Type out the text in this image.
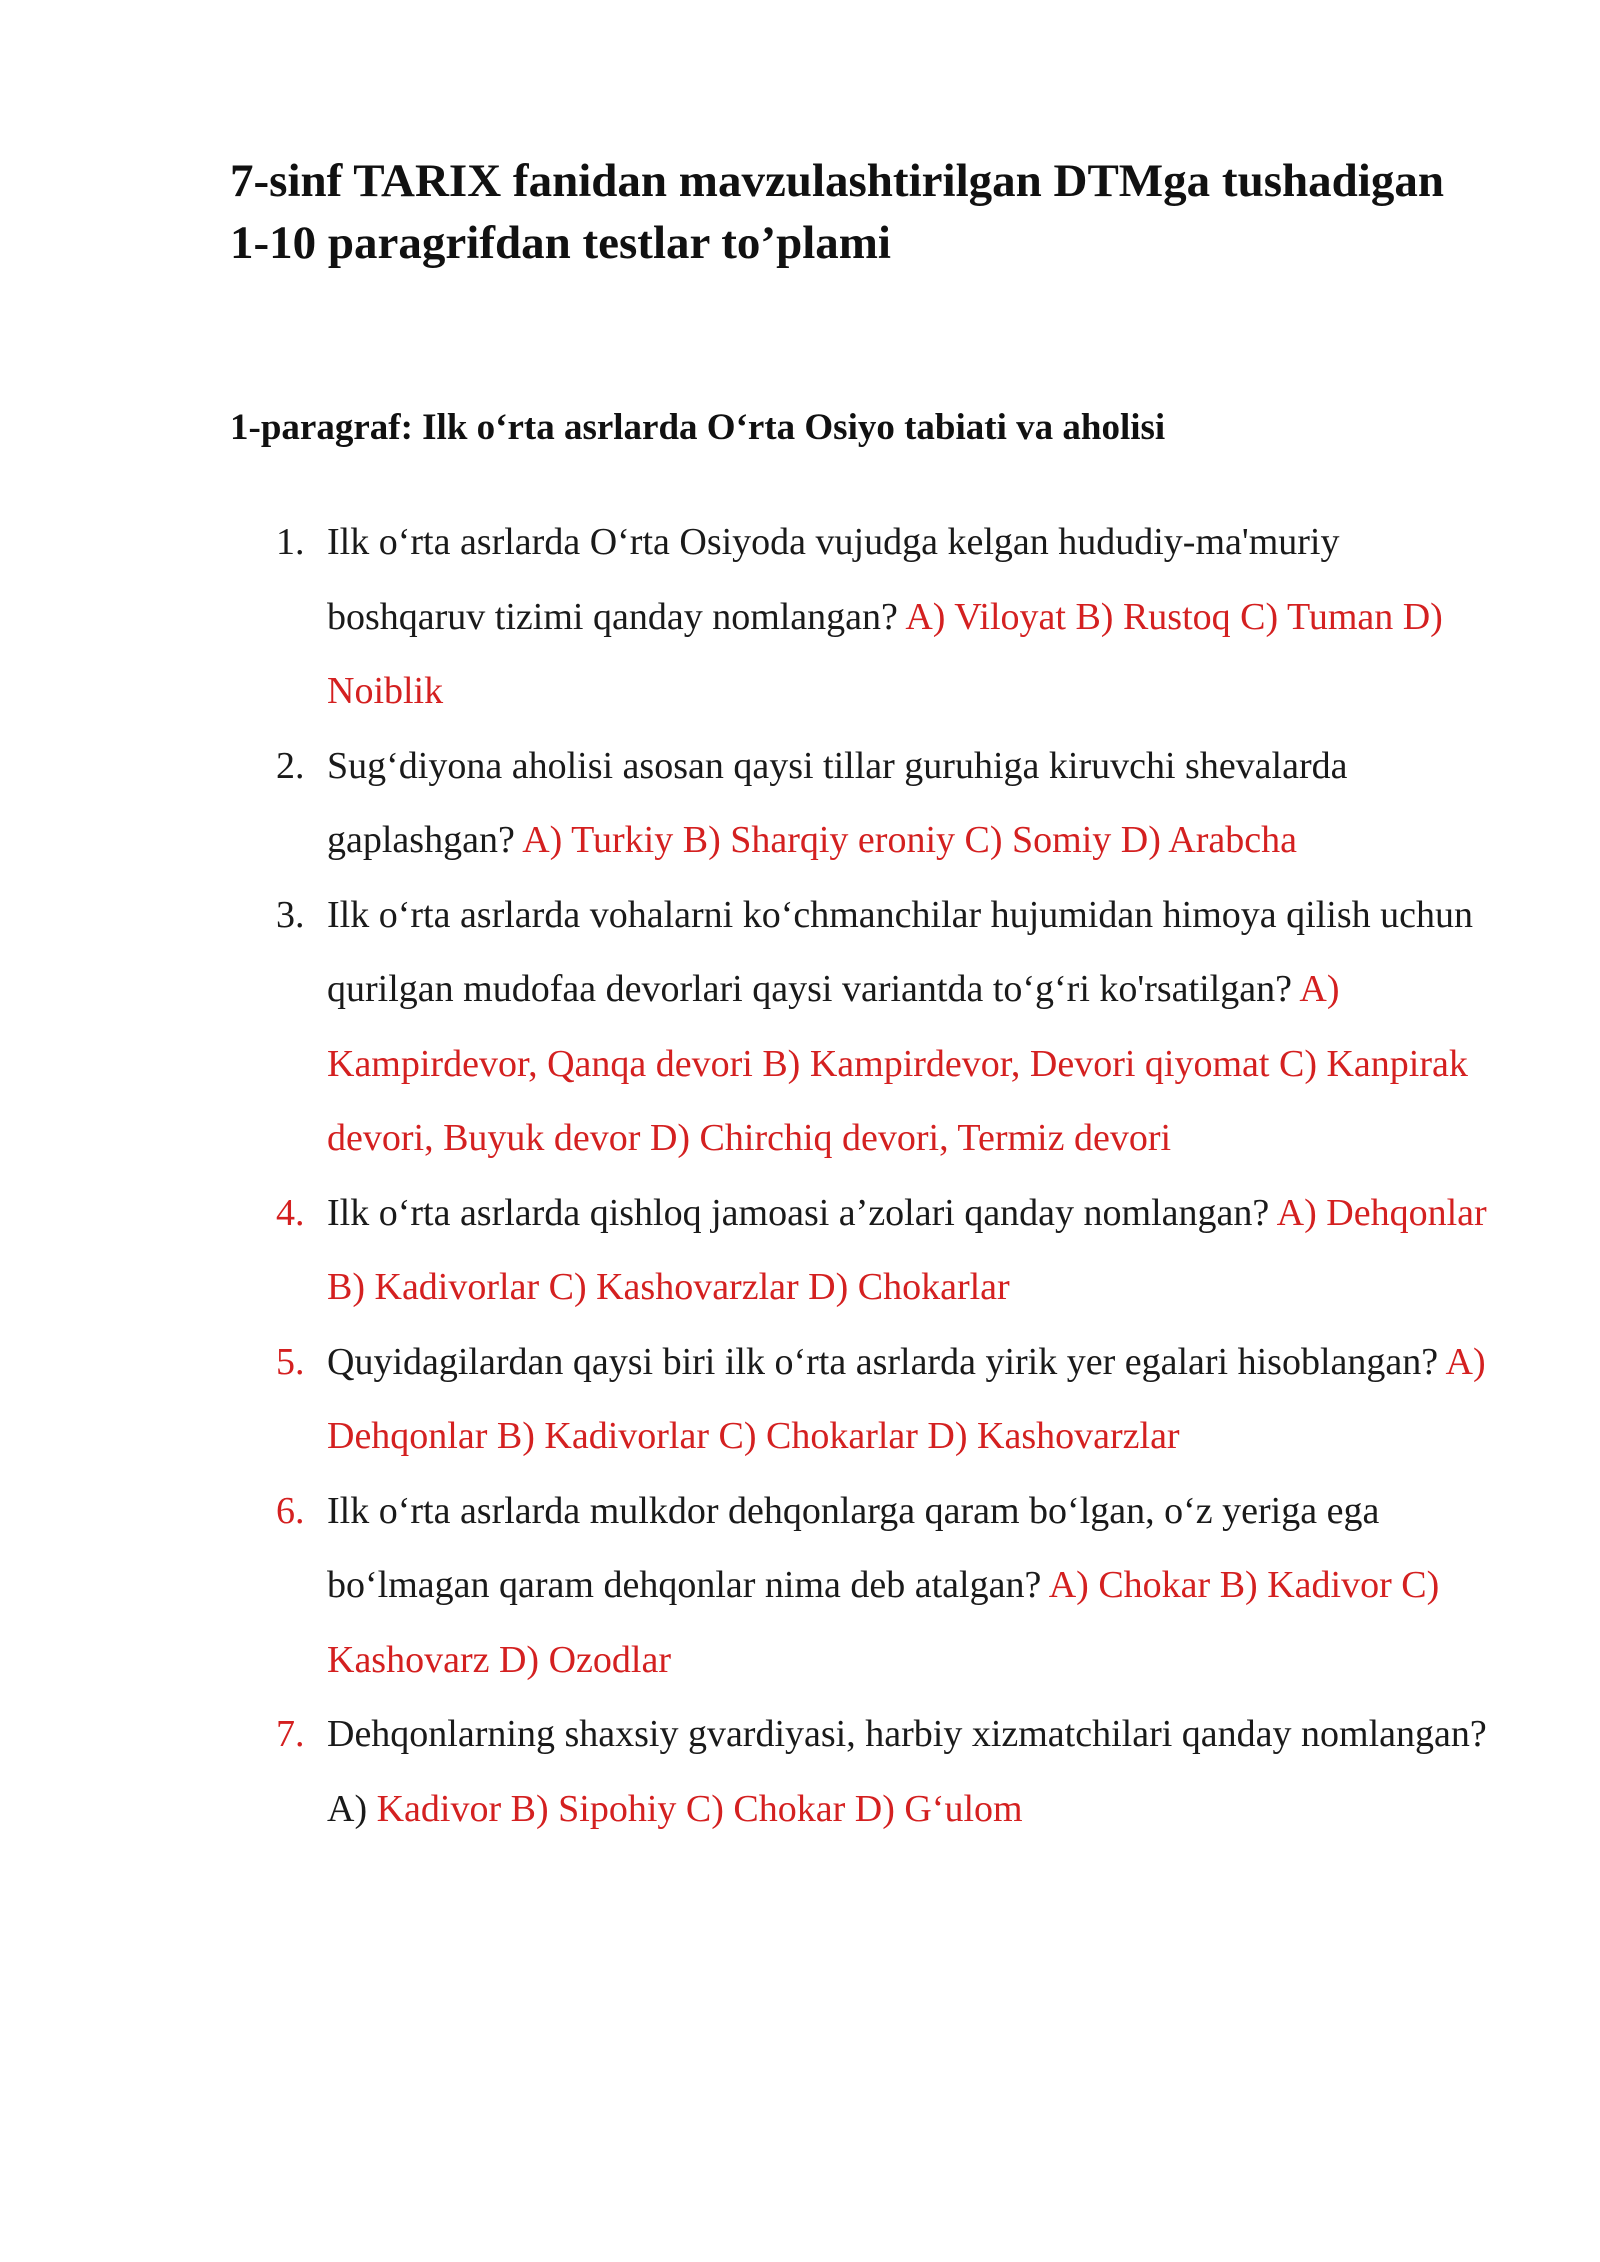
7-sinf TARIX fanidan mavzulashtirilgan DTMga tushadigan 1-10 paragrifdan testlar to’plami
1-paragraf: Ilk o‘rta asrlarda O‘rta Osiyo tabiati va aholisi
1. Ilk o‘rta asrlarda O‘rta Osiyoda vujudga kelgan hududiy-ma'muriy boshqaruv tizimi qanday nomlangan? A) Viloyat B) Rustoq C) Tuman D) Noiblik
2. Sug‘diyona aholisi asosan qaysi tillar guruhiga kiruvchi shevalarda gaplashgan? A) Turkiy B) Sharqiy eroniy C) Somiy D) Arabcha
3. Ilk o‘rta asrlarda vohalarni ko‘chmanchilar hujumidan himoya qilish uchun qurilgan mudofaa devorlari qaysi variantda to‘g‘ri ko'rsatilgan? A) Kampirdevor, Qanqa devori B) Kampirdevor, Devori qiyomat C) Kanpirak devori, Buyuk devor D) Chirchiq devori, Termiz devori
4. Ilk o‘rta asrlarda qishloq jamoasi a’zolari qanday nomlangan? A) Dehqonlar B) Kadivorlar C) Kashovarzlar D) Chokarlar
5. Quyidagilardan qaysi biri ilk o‘rta asrlarda yirik yer egalari hisoblangan? A) Dehqonlar B) Kadivorlar C) Chokarlar D) Kashovarzlar
6. Ilk o‘rta asrlarda mulkdor dehqonlarga qaram bo‘lgan, o‘z yeriga ega bo‘lmagan qaram dehqonlar nima deb atalgan? A) Chokar B) Kadivor C) Kashovarz D) Ozodlar
7. Dehqonlarning shaxsiy gvardiyasi, harbiy xizmatchilari qanday nomlangan? A) Kadivor B) Sipohiy C) Chokar D) G‘ulom
